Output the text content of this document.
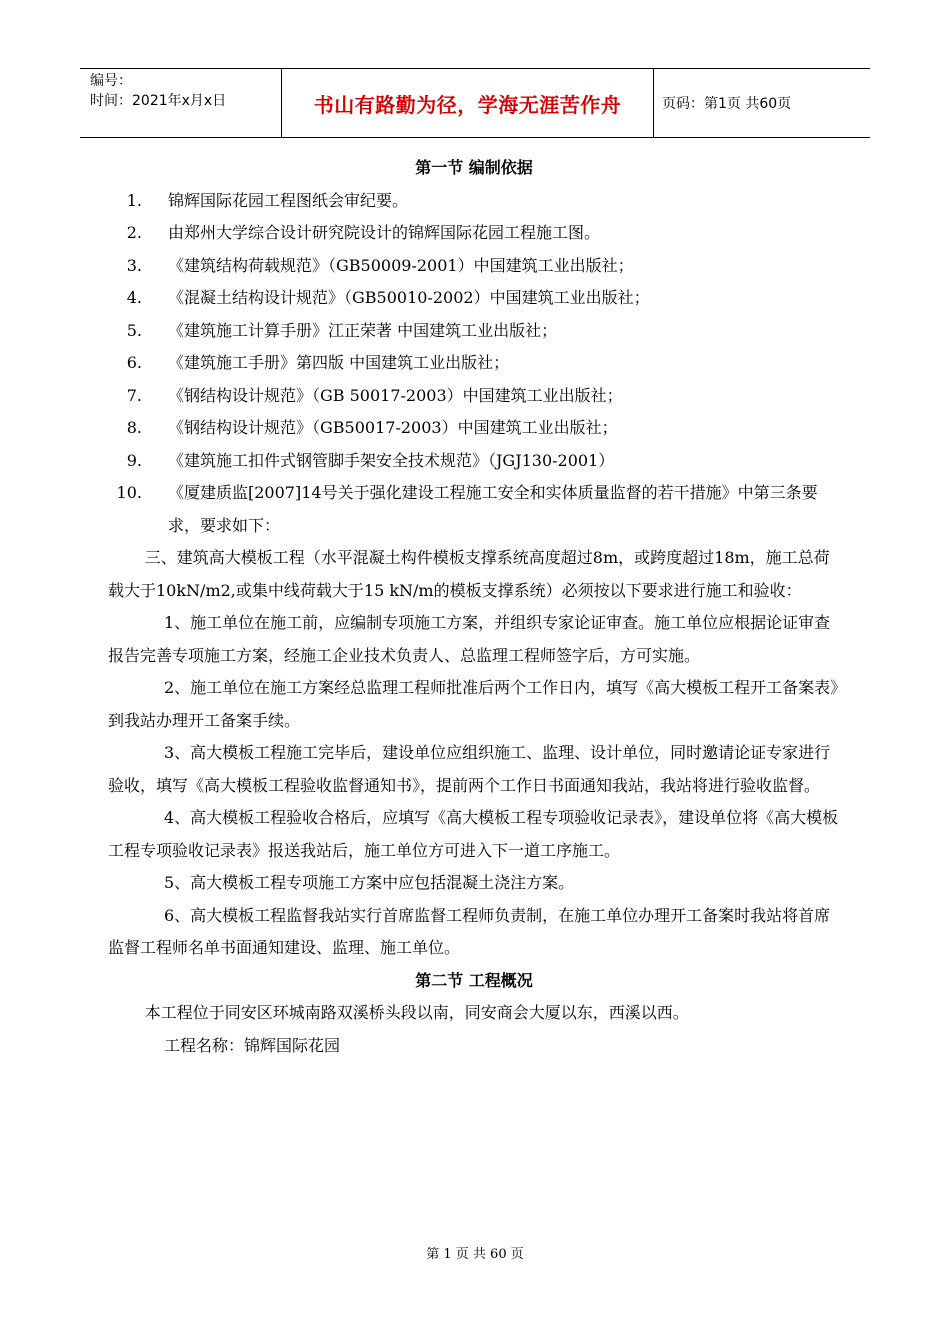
编号：
时间：2021年x月x日	书山有路勤为径，学海无涯苦作舟	页码：第1页 共60页

第一节 编制依据

1.	锦辉国际花园工程图纸会审纪要。
2.	由郑州大学综合设计研究院设计的锦辉国际花园工程施工图。
3.	《建筑结构荷载规范》（GB50009-2001）中国建筑工业出版社；
4.	《混凝土结构设计规范》（GB50010-2002）中国建筑工业出版社；
5.	《建筑施工计算手册》江正荣著 中国建筑工业出版社；
6.	《建筑施工手册》第四版 中国建筑工业出版社；
7.	《钢结构设计规范》（GB 50017-2003）中国建筑工业出版社；
8.	《钢结构设计规范》（GB50017-2003）中国建筑工业出版社；
9.	《建筑施工扣件式钢管脚手架安全技术规范》（JGJ130-2001）
10.	《厦建质监[2007]14号关于强化建设工程施工安全和实体质量监督的若干措施》中第三条要求，要求如下：

三、建筑高大模板工程（水平混凝土构件模板支撑系统高度超过8m，或跨度超过18m，施工总荷载大于10kN/m2,或集中线荷载大于15 kN/m的模板支撑系统）必须按以下要求进行施工和验收：

1、施工单位在施工前，应编制专项施工方案，并组织专家论证审查。施工单位应根据论证审查报告完善专项施工方案，经施工企业技术负责人、总监理工程师签字后，方可实施。

2、施工单位在施工方案经总监理工程师批准后两个工作日内，填写《高大模板工程开工备案表》到我站办理开工备案手续。

3、高大模板工程施工完毕后，建设单位应组织施工、监理、设计单位，同时邀请论证专家进行验收，填写《高大模板工程验收监督通知书》，提前两个工作日书面通知我站，我站将进行验收监督。

4、高大模板工程验收合格后，应填写《高大模板工程专项验收记录表》，建设单位将《高大模板工程专项验收记录表》报送我站后，施工单位方可进入下一道工序施工。

5、高大模板工程专项施工方案中应包括混凝土浇注方案。

6、高大模板工程监督我站实行首席监督工程师负责制，在施工单位办理开工备案时我站将首席监督工程师名单书面通知建设、监理、施工单位。

第二节 工程概况

本工程位于同安区环城南路双溪桥头段以南，同安商会大厦以东，西溪以西。

工程名称：锦辉国际花园

第 1 页 共 60 页
